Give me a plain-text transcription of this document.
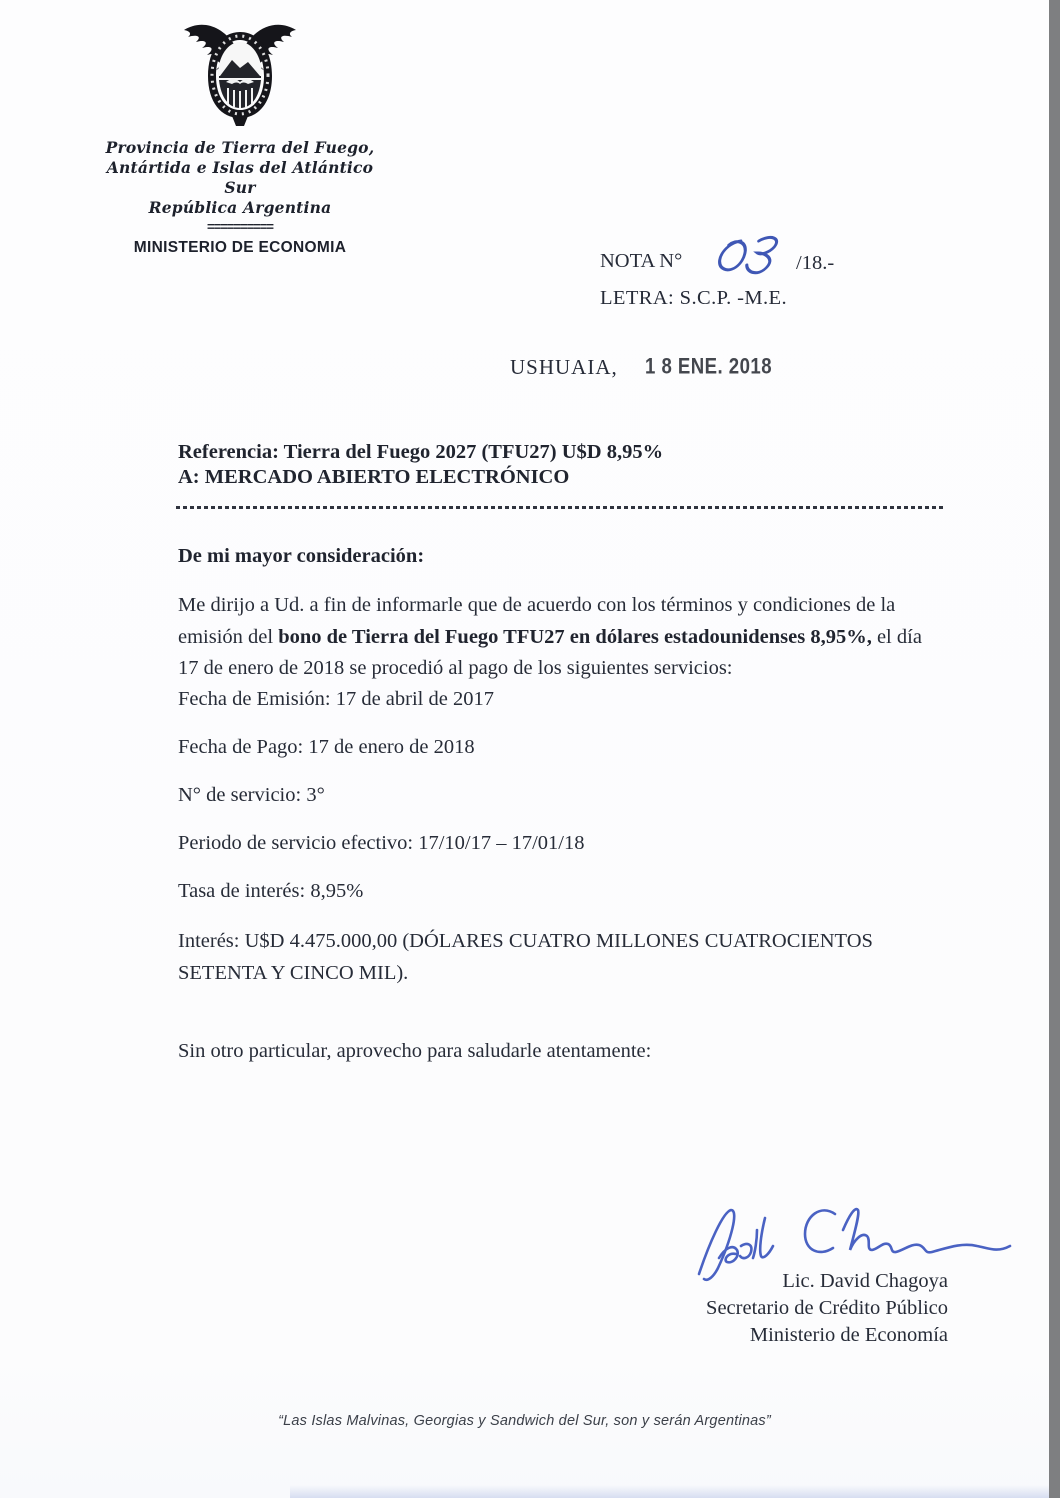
Provincia de Tierra del Fuego,
Antártida e Islas del Atlántico Sur
República Argentina
==========
MINISTERIO DE ECONOMIA
NOTA N°	/18.-
LETRA: S.C.P. -M.E.
USHUAIA, 1 8 ENE. 2018
Referencia: Tierra del Fuego 2027 (TFU27) U$D 8,95%
A: MERCADO ABIERTO ELECTRÓNICO
De mi mayor consideración:

Me dirijo a Ud. a fin de informarle que de acuerdo con los términos y condiciones de la emisión del bono de Tierra del Fuego TFU27 en dólares estadounidenses 8,95%, el día 17 de enero de 2018 se procedió al pago de los siguientes servicios:

Fecha de Emisión: 17 de abril de 2017
Fecha de Pago: 17 de enero de 2018
N° de servicio: 3°
Periodo de servicio efectivo: 17/10/17 – 17/01/18
Tasa de interés: 8,95%
Interés: U$D 4.475.000,00 (DÓLARES CUATRO MILLONES CUATROCIENTOS SETENTA Y CINCO MIL).
Sin otro particular, aprovecho para saludarle atentamente:
Lic. David Chagoya
Secretario de Crédito Público
Ministerio de Economía
“Las Islas Malvinas, Georgias y Sandwich del Sur, son y serán Argentinas”
